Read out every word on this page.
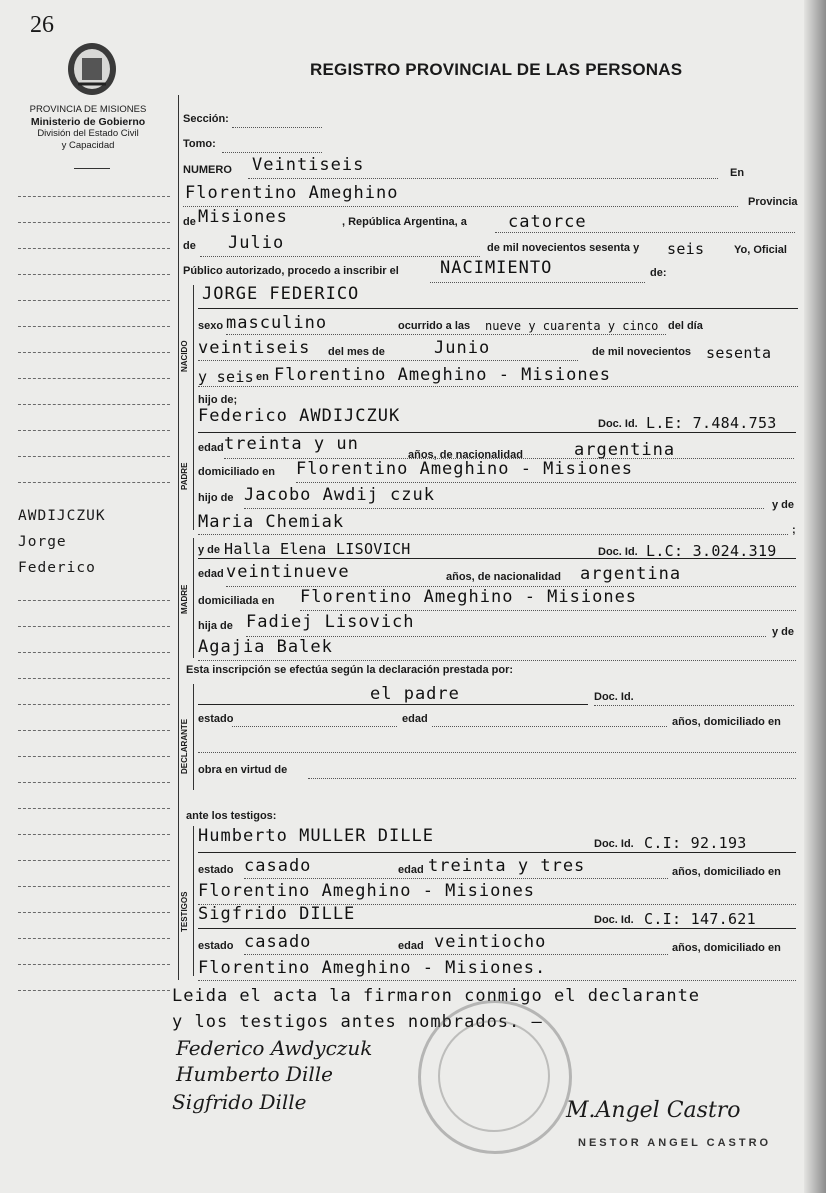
26
REGISTRO PROVINCIAL DE LAS PERSONAS
PROVINCIA DE MISIONES
Ministerio de Gobierno
División del Estado Civil
y Capacidad
AWDIJCZUK
Jorge
Federico
Sección:
Tomo:
NUMERO Veintiseis	En
Florentino Ameghino	Provincia
de Misiones	, República Argentina, a catorce
de Julio	de mil novecientos sesenta y seis	Yo, Oficial
Público autorizado, procedo a inscribir el NACIMIENTO	de:
NACIDO
JORGE FEDERICO
sexo masculino	ocurrido a las nueve y cuarenta y cinco del día
veintiseis del mes de	Junio	de mil novecientos sesenta
y seis en Florentino Ameghino - Misiones
hijo de;
PADRE
Federico AWDIJCZUK	Doc. Id. L.E: 7.484.753
edad treinta y un
años, de nacionalidad	argentina
domiciliado en Florentino Ameghino - Misiones
hijo de Jacobo Awdij czuk	y de
Maria Chemiak	;
MADRE
y de Halla Elena LISOVICH	Doc. Id. L.C: 3.024.319
edad veintinueve	años, de nacionalidad argentina
domiciliada en Florentino Ameghino - Misiones
hija de Fadiej Lisovich	y de
Agajia Balek
Esta inscripción se efectúa según la declaración prestada por:
DECLARANTE
el padre	Doc. Id.
estado	edad	años, domiciliado en
obra en virtud de
ante los testigos:
TESTIGOS
Humberto MULLER DILLE	Doc. Id. C.I: 92.193
estado casado	edad treinta y tres	años, domiciliado en
Florentino Ameghino - Misiones
Sigfrido DILLE	Doc. Id. C.I: 147.621
estado casado	edad veintiocho	años, domiciliado en
Florentino Ameghino - Misiones.
Leida el acta la firmaron conmigo el declarante
y los testigos antes nombrados. —
Federico Awdyczuk
Humberto Dille
Sigfrido Dille	M.Angel Castro
NESTOR ANGEL CASTRO
